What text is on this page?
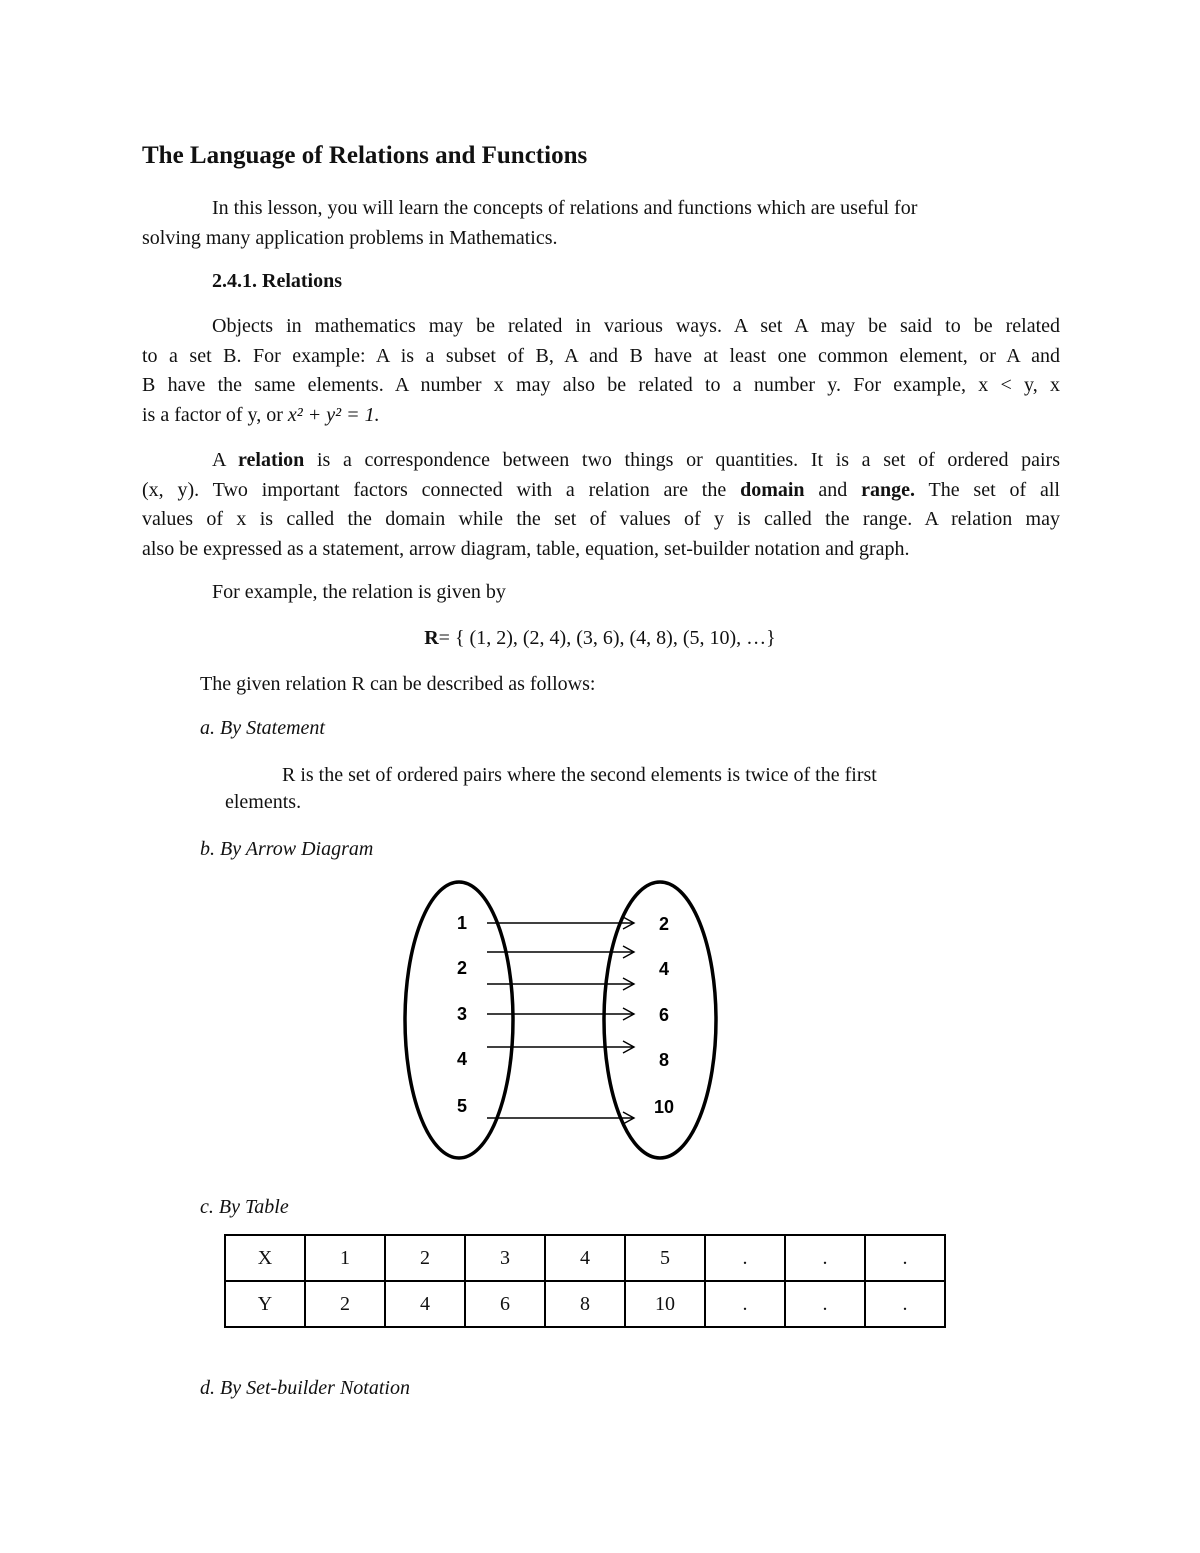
The Language of Relations and Functions
In this lesson, you will learn the concepts of relations and functions which are useful for
solving many application problems in Mathematics.
2.4.1. Relations
Objects in mathematics may be related in various ways. A set A may be said to be related
to a set B. For example: A is a subset of B, A and B have at least one common element, or A and
B have the same elements. A number x may also be related to a number y. For example, x < y, x
is a factor of y, or x² + y² = 1.
A relation is a correspondence between two things or quantities. It is a set of ordered pairs
(x, y). Two important factors connected with a relation are the domain and range. The set of all
values of x is called the domain while the set of values of y is called the range. A relation may
also be expressed as a statement, arrow diagram, table, equation, set-builder notation and graph.
For example, the relation is given by
R= { (1, 2), (2, 4), (3, 6), (4, 8), (5, 10), …}
The given relation R can be described as follows:
a. By Statement
R is the set of ordered pairs where the second elements is twice of the first
elements.
b. By Arrow Diagram
1
2
3
4
5
2
4
6
8
10
c. By Table
X	1	2	3	4	5	.	.	.
Y	2	4	6	8	10	.	.	.
d. By Set-builder Notation
